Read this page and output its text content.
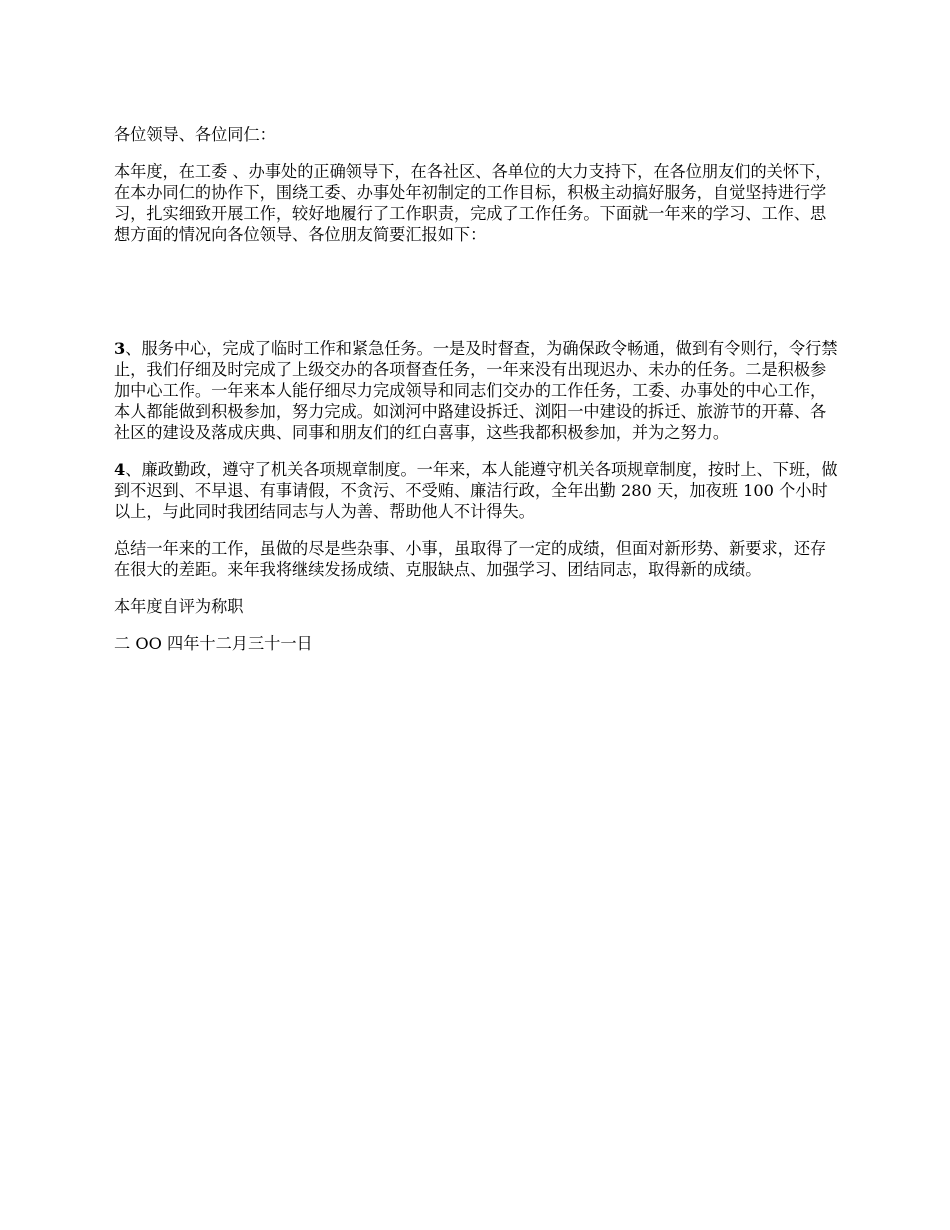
各位领导、各位同仁：

本年度，在工委 、办事处的正确领导下，在各社区、各单位的大力支持下，在各位朋友们的关怀下，在本办同仁的协作下，围绕工委、办事处年初制定的工作目标，积极主动搞好服务，自觉坚持进行学习，扎实细致开展工作，较好地履行了工作职责，完成了工作任务。下面就一年来的学习、工作、思想方面的情况向各位领导、各位朋友简要汇报如下：

3、服务中心，完成了临时工作和紧急任务。一是及时督查，为确保政令畅通，做到有令则行，令行禁止，我们仔细及时完成了上级交办的各项督查任务，一年来没有出现迟办、未办的任务。二是积极参加中心工作。一年来本人能仔细尽力完成领导和同志们交办的工作任务，工委、办事处的中心工作，本人都能做到积极参加，努力完成。如浏河中路建设拆迁、浏阳一中建设的拆迁、旅游节的开幕、各社区的建设及落成庆典、同事和朋友们的红白喜事，这些我都积极参加，并为之努力。

4、廉政勤政，遵守了机关各项规章制度。一年来，本人能遵守机关各项规章制度，按时上、下班，做到不迟到、不早退、有事请假，不贪污、不受贿、廉洁行政，全年出勤 280 天，加夜班 100 个小时以上，与此同时我团结同志与人为善、帮助他人不计得失。

总结一年来的工作，虽做的尽是些杂事、小事，虽取得了一定的成绩，但面对新形势、新要求，还存在很大的差距。来年我将继续发扬成绩、克服缺点、加强学习、团结同志，取得新的成绩。

本年度自评为称职

二 OO 四年十二月三十一日
